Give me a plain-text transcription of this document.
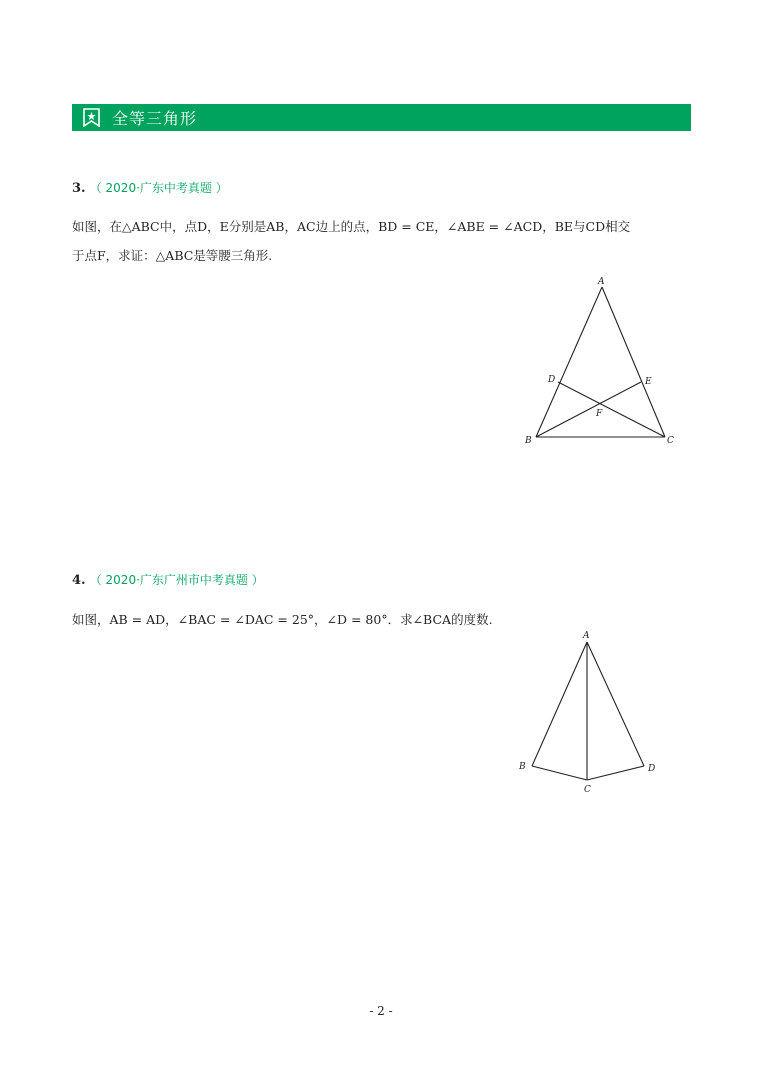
全等三角形
3. （ 2020·广东中考真题 ）
如图，在△ABC中，点D，E分别是AB，AC边上的点，BD = CE，∠ABE = ∠ACD，BE与CD相交
于点F，求证：△ABC是等腰三角形.
A
B	C
D	E
F
4. （ 2020·广东广州市中考真题 ）
如图，AB = AD，∠BAC = ∠DAC = 25°，∠D = 80°．求∠BCA的度数.
A
B
C
D
- 2 -
